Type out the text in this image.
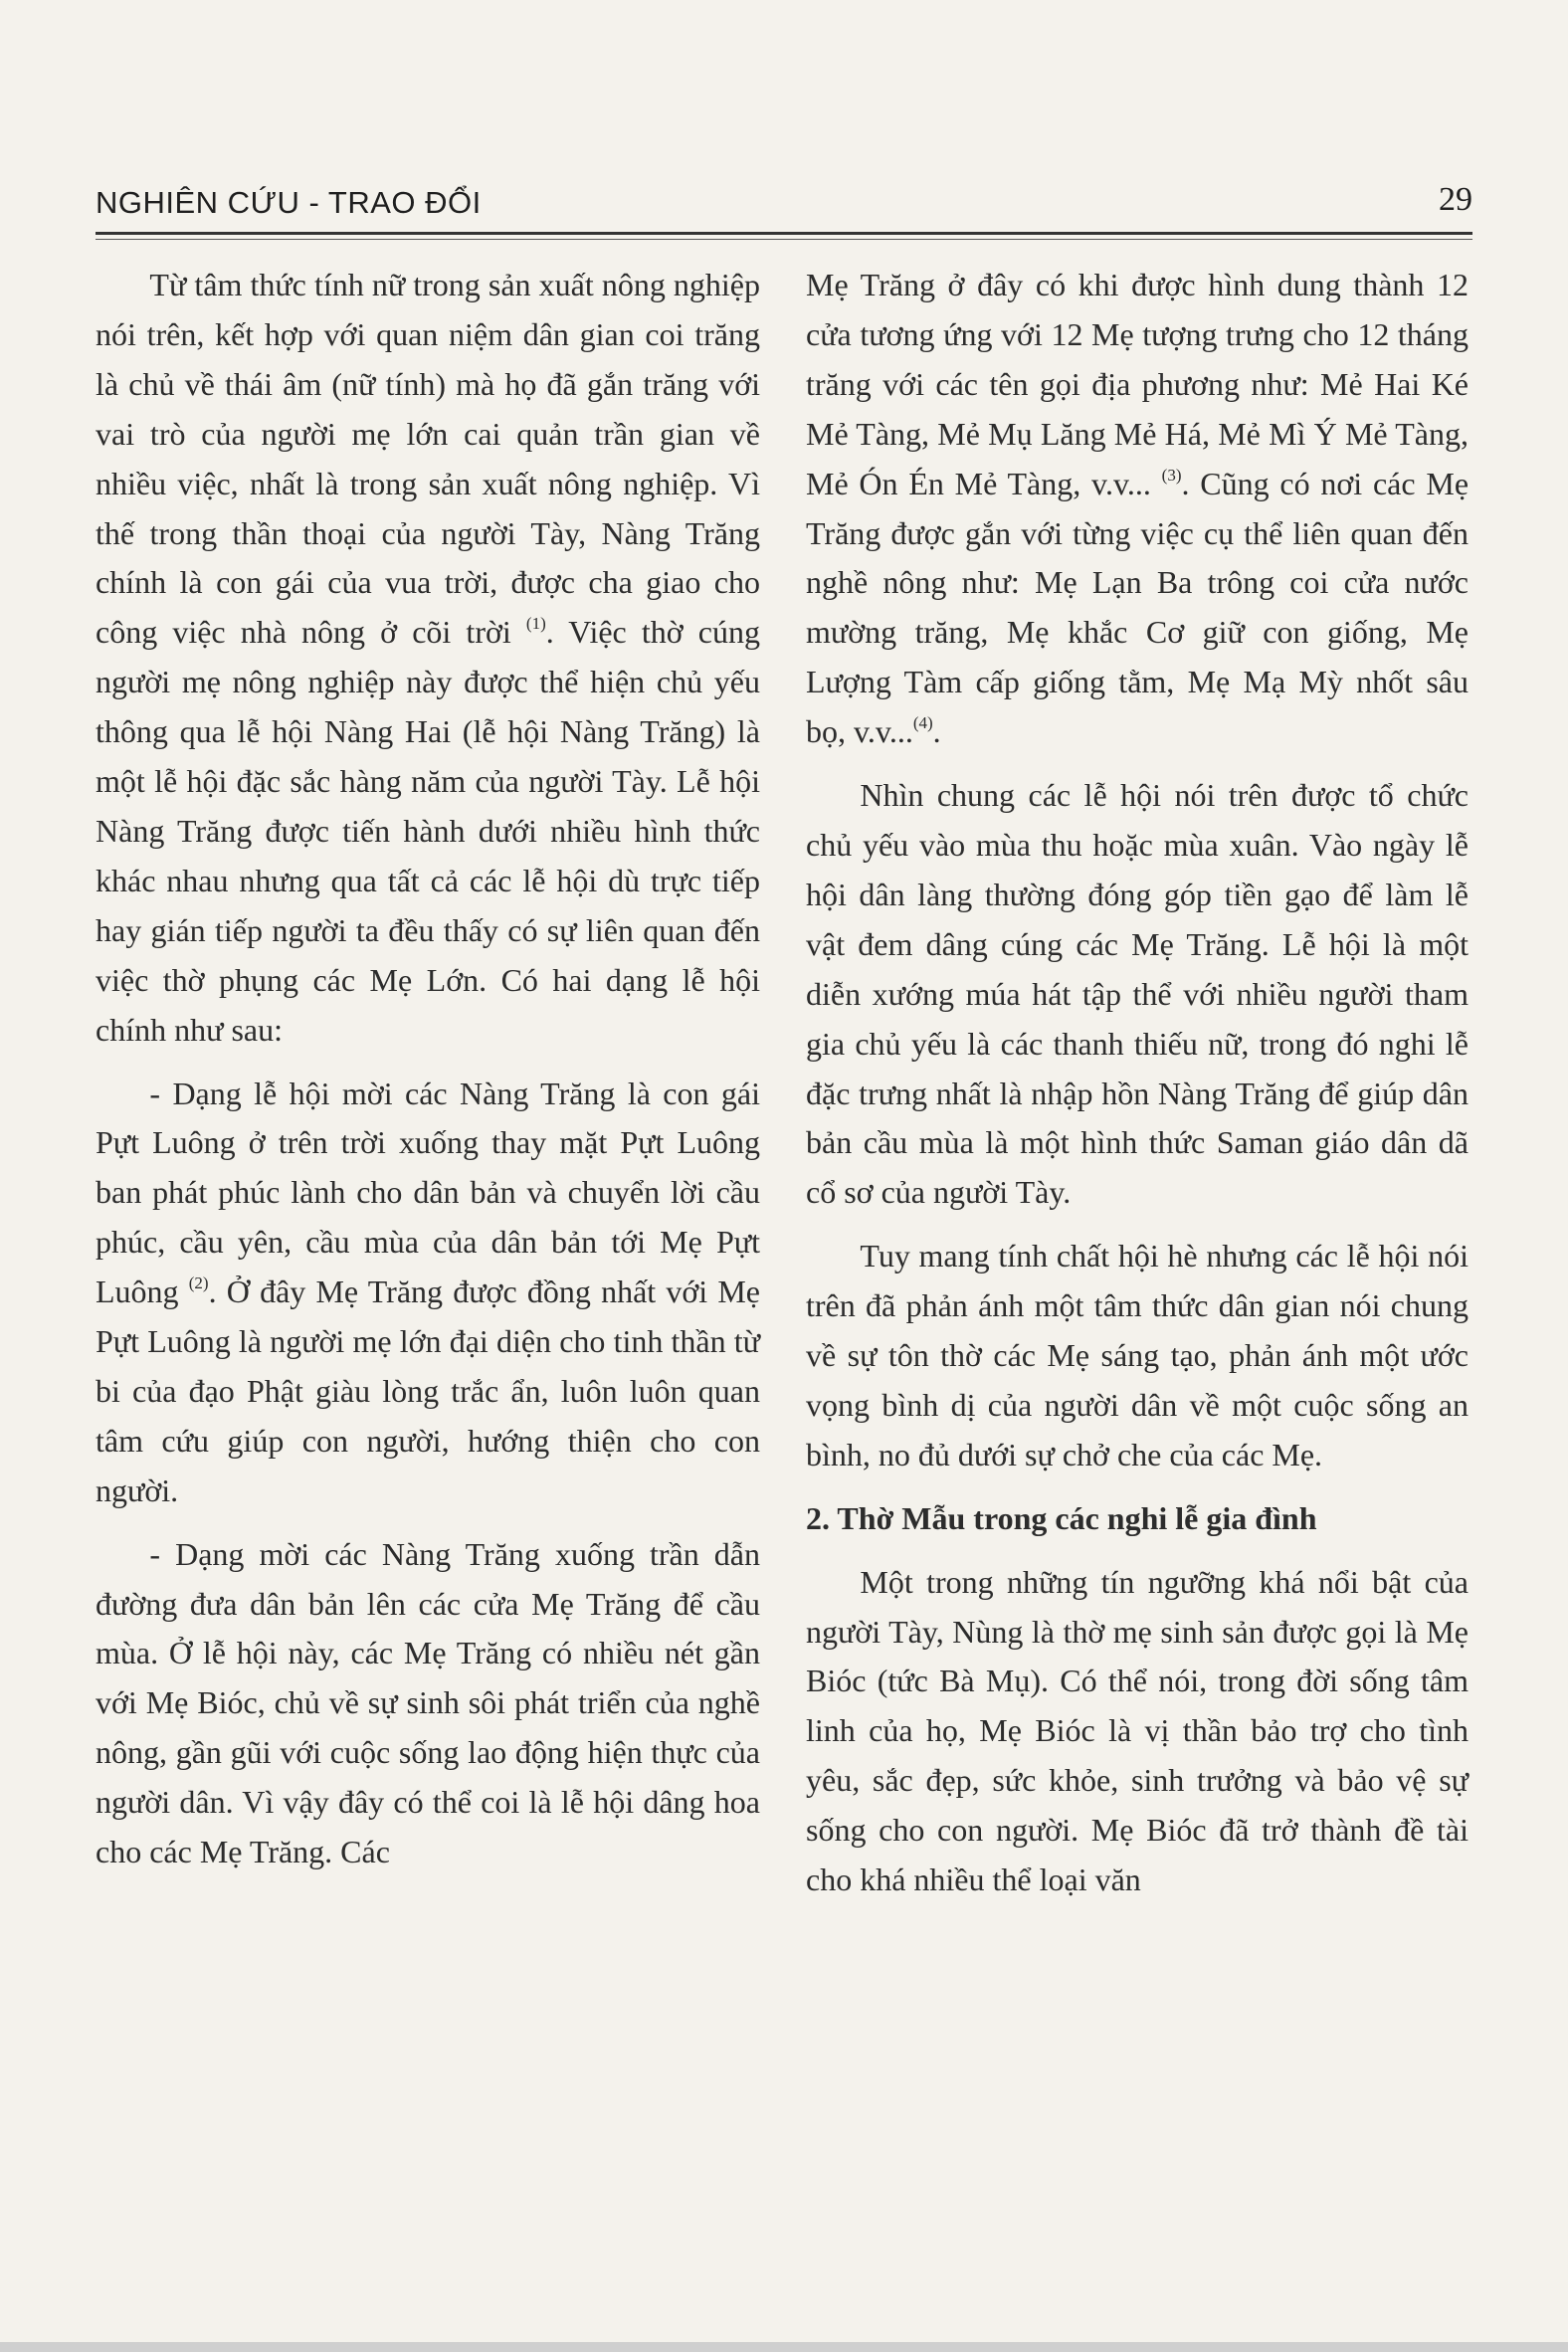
NGHIÊN CỨU - TRAO ĐỔI	29

Từ tâm thức tính nữ trong sản xuất nông nghiệp nói trên, kết hợp với quan niệm dân gian coi trăng là chủ về thái âm (nữ tính) mà họ đã gắn trăng với vai trò của người mẹ lớn cai quản trần gian về nhiều việc, nhất là trong sản xuất nông nghiệp. Vì thế trong thần thoại của người Tày, Nàng Trăng chính là con gái của vua trời, được cha giao cho công việc nhà nông ở cõi trời $^{(1)}$. Việc thờ cúng người mẹ nông nghiệp này được thể hiện chủ yếu thông qua lễ hội Nàng Hai (lễ hội Nàng Trăng) là một lễ hội đặc sắc hàng năm của người Tày. Lễ hội Nàng Trăng được tiến hành dưới nhiều hình thức khác nhau nhưng qua tất cả các lễ hội dù trực tiếp hay gián tiếp người ta đều thấy có sự liên quan đến việc thờ phụng các Mẹ Lớn. Có hai dạng lễ hội chính như sau:

- Dạng lễ hội mời các Nàng Trăng là con gái Pựt Luông ở trên trời xuống thay mặt Pựt Luông ban phát phúc lành cho dân bản và chuyển lời cầu phúc, cầu yên, cầu mùa của dân bản tới Mẹ Pựt Luông $^{(2)}$. Ở đây Mẹ Trăng được đồng nhất với Mẹ Pựt Luông là người mẹ lớn đại diện cho tinh thần từ bi của đạo Phật giàu lòng trắc ẩn, luôn luôn quan tâm cứu giúp con người, hướng thiện cho con người.

- Dạng mời các Nàng Trăng xuống trần dẫn đường đưa dân bản lên các cửa Mẹ Trăng để cầu mùa. Ở lễ hội này, các Mẹ Trăng có nhiều nét gần với Mẹ Bióc, chủ về sự sinh sôi phát triển của nghề nông, gần gũi với cuộc sống lao động hiện thực của người dân. Vì vậy đây có thể coi là lễ hội dâng hoa cho các Mẹ Trăng. Các

Mẹ Trăng ở đây có khi được hình dung thành 12 cửa tương ứng với 12 Mẹ tượng trưng cho 12 tháng trăng với các tên gọi địa phương như: Mẻ Hai Ké Mẻ Tàng, Mẻ Mụ Lăng Mẻ Há, Mẻ Mì Ý Mẻ Tàng, Mẻ Ón Én Mẻ Tàng, v.v... $^{(3)}$. Cũng có nơi các Mẹ Trăng được gắn với từng việc cụ thể liên quan đến nghề nông như: Mẹ Lạn Ba trông coi cửa nước mường trăng, Mẹ khắc Cơ giữ con giống, Mẹ Lượng Tàm cấp giống tằm, Mẹ Mạ Mỳ nhốt sâu bọ, v.v...$^{(4)}$.

Nhìn chung các lễ hội nói trên được tổ chức chủ yếu vào mùa thu hoặc mùa xuân. Vào ngày lễ hội dân làng thường đóng góp tiền gạo để làm lễ vật đem dâng cúng các Mẹ Trăng. Lễ hội là một diễn xướng múa hát tập thể với nhiều người tham gia chủ yếu là các thanh thiếu nữ, trong đó nghi lễ đặc trưng nhất là nhập hồn Nàng Trăng để giúp dân bản cầu mùa là một hình thức Saman giáo dân dã cổ sơ của người Tày.

Tuy mang tính chất hội hè nhưng các lễ hội nói trên đã phản ánh một tâm thức dân gian nói chung về sự tôn thờ các Mẹ sáng tạo, phản ánh một ước vọng bình dị của người dân về một cuộc sống an bình, no đủ dưới sự chở che của các Mẹ.

2. Thờ Mẫu trong các nghi lễ gia đình

Một trong những tín ngưỡng khá nổi bật của người Tày, Nùng là thờ mẹ sinh sản được gọi là Mẹ Bióc (tức Bà Mụ). Có thể nói, trong đời sống tâm linh của họ, Mẹ Bióc là vị thần bảo trợ cho tình yêu, sắc đẹp, sức khỏe, sinh trưởng và bảo vệ sự sống cho con người. Mẹ Bióc đã trở thành đề tài cho khá nhiều thể loại văn
